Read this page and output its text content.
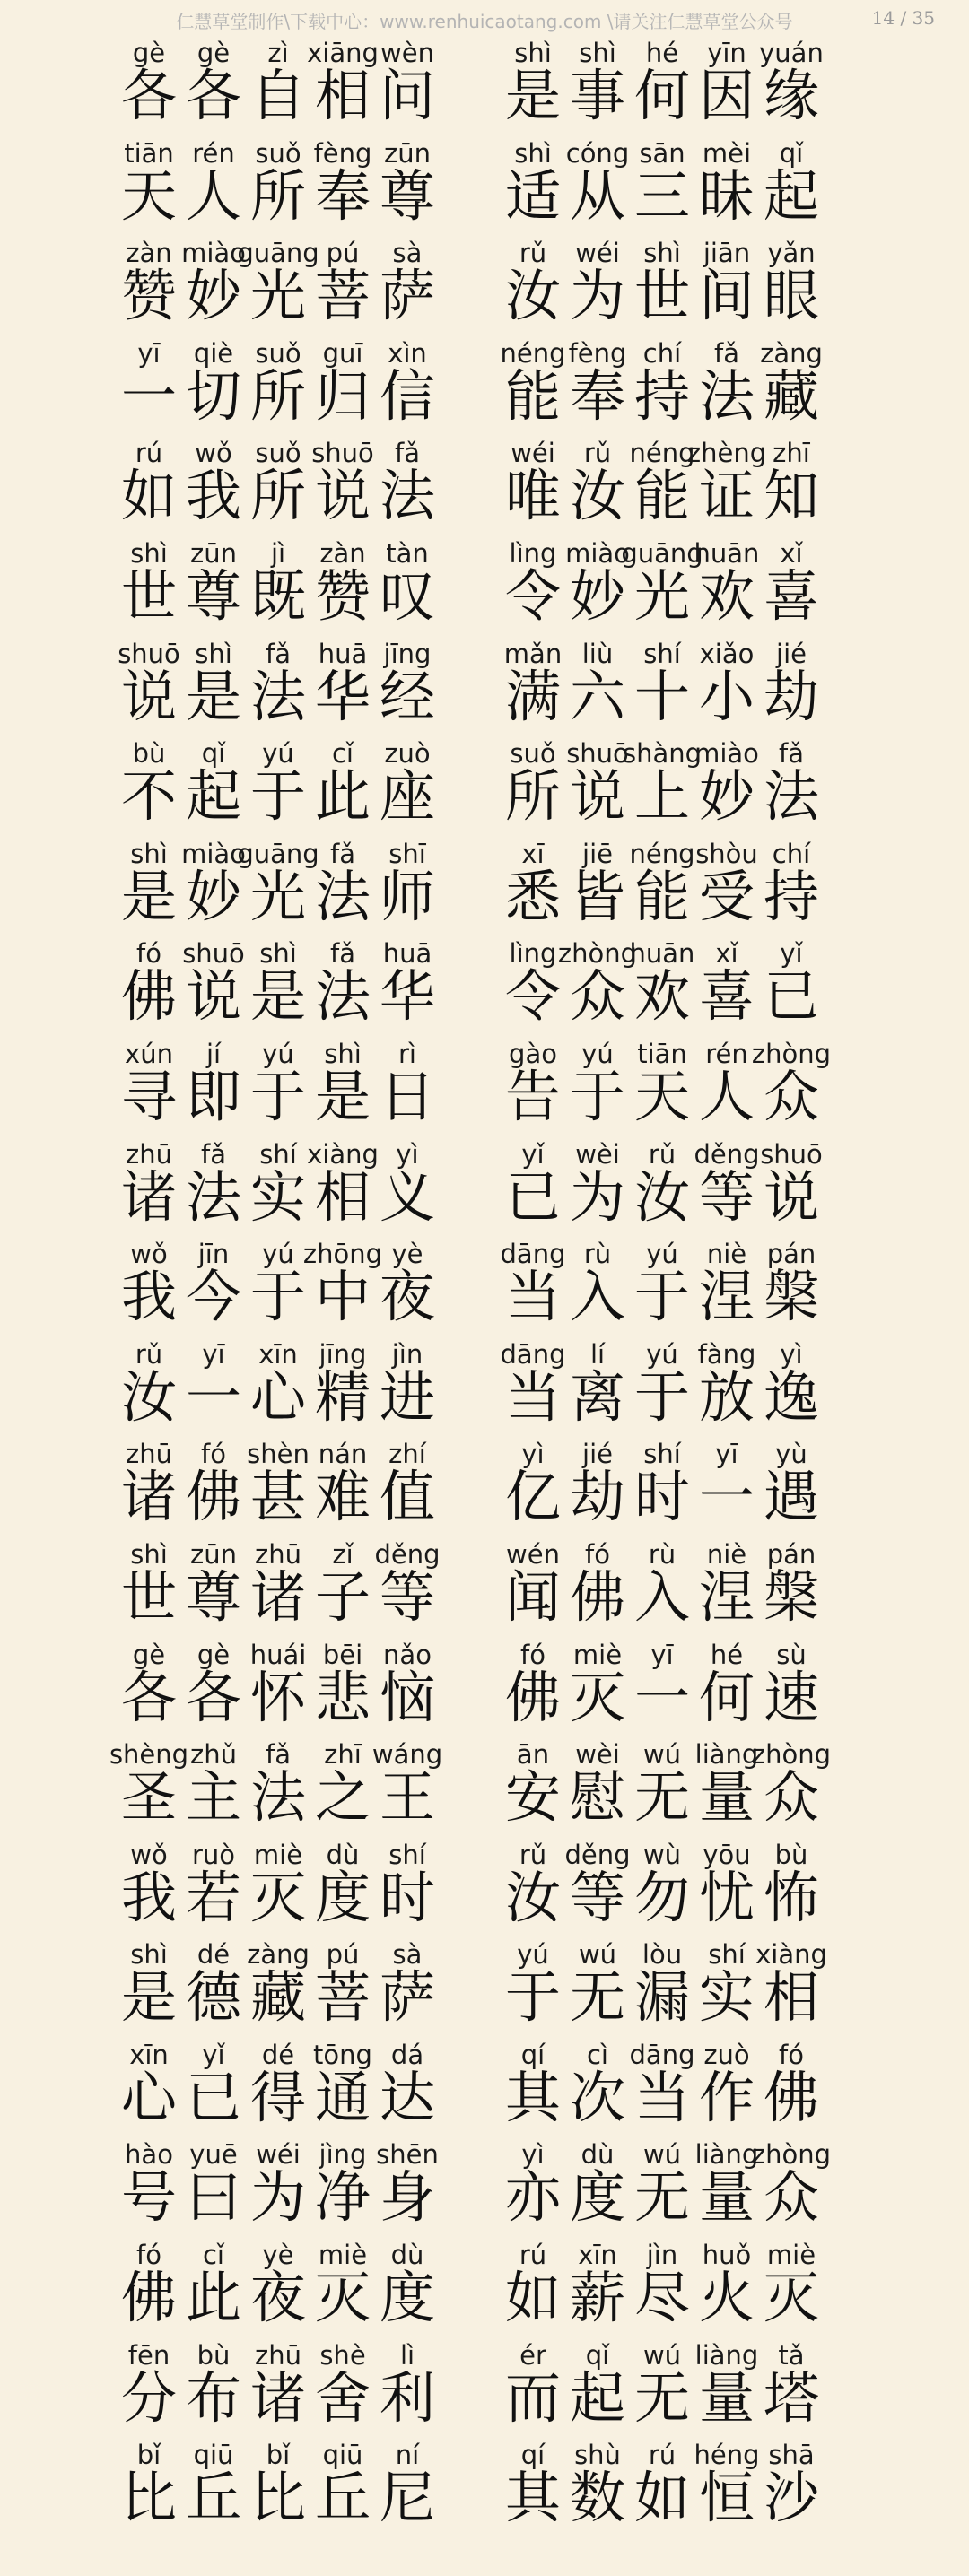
仁慧草堂制作\下载中心：www.renhuicaotang.com \请关注仁慧草堂公众号	14 / 35
gè
各
gè
各
zì
自
xiāng
相
wèn
问
shì
是
shì
事
hé
何
yīn
因
yuán
缘
tiān
天
rén
人
suǒ
所
fèng
奉
zūn
尊
shì
适
cóng
从
sān
三
mèi
昧
qǐ
起
zàn
赞
miào
妙
guāng
光
pú
菩
sà
萨
rǔ
汝
wéi
为
shì
世
jiān
间
yǎn
眼
yī
一
qiè
切
suǒ
所
guī
归
xìn
信
néng
能
fèng
奉
chí
持
fǎ
法
zàng
藏
rú
如
wǒ
我
suǒ
所
shuō
说
fǎ
法
wéi
唯
rǔ
汝
néng
能
zhèng
证
zhī
知
shì
世
zūn
尊
jì
既
zàn
赞
tàn
叹
lìng
令
miào
妙
guāng
光
huān
欢
xǐ
喜
shuō
说
shì
是
fǎ
法
huā
华
jīng
经
mǎn
满
liù
六
shí
十
xiǎo
小
jié
劫
bù
不
qǐ
起
yú
于
cǐ
此
zuò
座
suǒ
所
shuō
说
shàng
上
miào
妙
fǎ
法
shì
是
miào
妙
guāng
光
fǎ
法
shī
师
xī
悉
jiē
皆
néng
能
shòu
受
chí
持
fó
佛
shuō
说
shì
是
fǎ
法
huā
华
lìng
令
zhòng
众
huān
欢
xǐ
喜
yǐ
已
xún
寻
jí
即
yú
于
shì
是
rì
日
gào
告
yú
于
tiān
天
rén
人
zhòng
众
zhū
诸
fǎ
法
shí
实
xiàng
相
yì
义
yǐ
已
wèi
为
rǔ
汝
děng
等
shuō
说
wǒ
我
jīn
今
yú
于
zhōng
中
yè
夜
dāng
当
rù
入
yú
于
niè
涅
pán
槃
rǔ
汝
yī
一
xīn
心
jīng
精
jìn
进
dāng
当
lí
离
yú
于
fàng
放
yì
逸
zhū
诸
fó
佛
shèn
甚
nán
难
zhí
值
yì
亿
jié
劫
shí
时
yī
一
yù
遇
shì
世
zūn
尊
zhū
诸
zǐ
子
děng
等
wén
闻
fó
佛
rù
入
niè
涅
pán
槃
gè
各
gè
各
huái
怀
bēi
悲
nǎo
恼
fó
佛
miè
灭
yī
一
hé
何
sù
速
shèng
圣
zhǔ
主
fǎ
法
zhī
之
wáng
王
ān
安
wèi
慰
wú
无
liàng
量
zhòng
众
wǒ
我
ruò
若
miè
灭
dù
度
shí
时
rǔ
汝
děng
等
wù
勿
yōu
忧
bù
怖
shì
是
dé
德
zàng
藏
pú
菩
sà
萨
yú
于
wú
无
lòu
漏
shí
实
xiàng
相
xīn
心
yǐ
已
dé
得
tōng
通
dá
达
qí
其
cì
次
dāng
当
zuò
作
fó
佛
hào
号
yuē
曰
wéi
为
jìng
净
shēn
身
yì
亦
dù
度
wú
无
liàng
量
zhòng
众
fó
佛
cǐ
此
yè
夜
miè
灭
dù
度
rú
如
xīn
薪
jìn
尽
huǒ
火
miè
灭
fēn
分
bù
布
zhū
诸
shè
舍
lì
利
ér
而
qǐ
起
wú
无
liàng
量
tǎ
塔
bǐ
比
qiū
丘
bǐ
比
qiū
丘
ní
尼
qí
其
shù
数
rú
如
héng
恒
shā
沙
